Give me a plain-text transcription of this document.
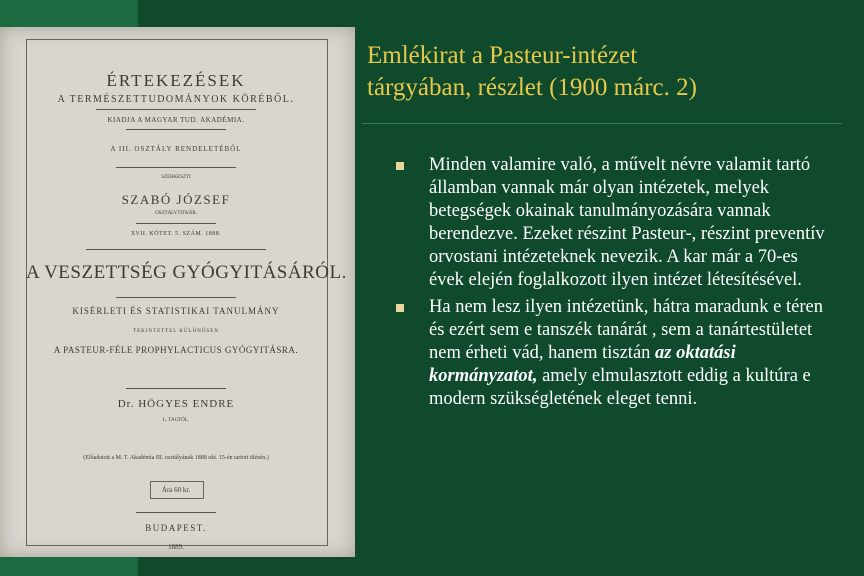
ÉRTEKEZÉSEK
A TERMÉSZETTUDOMÁNYOK KÖRÉBŐL.
KIADJA A MAGYAR TUD. AKADÉMIA.
A III. OSZTÁLY RENDELETÉBŐL
SZERKESZTI
SZABÓ JÓZSEF
OSZTÁLYTITKÁR.
XVII. KÖTET. 5. SZÁM. 1888.
A VESZETTSÉG GYÓGYITÁSÁRÓL.
KISÉRLETI ÉS STATISTIKAI TANULMÁNY
TEKINTETTEL KÜLÖNÖSEN
A PASTEUR-FÉLE PROPHYLACTICUS GYÓGYITÁSRA.
Dr. HÖGYES ENDRE
L. TAGTÓL.
(Előadatott a M. T. Akadémia III. osztályának 1888 okt. 15-én tartott ülésén.)
Ára 60 kr.
BUDAPEST.
1889.
Emlékirat a Pasteur-intézet
tárgyában, részlet (1900 márc. 2)
Minden valamire való, a művelt névre valamit tartó államban vannak már olyan intézetek, melyek betegségek okainak tanulmányozására vannak berendezve. Ezeket részint Pasteur-, részint preventív orvostani intézeteknek nevezik. A kar már a 70-es évek elején foglalkozott ilyen intézet létesítésével.
Ha nem lesz ilyen intézetünk, hátra maradunk e téren és ezért sem e tanszék tanárát , sem a tanártestületet nem érheti vád, hanem tisztán az oktatási kormányzatot, amely elmulasztott eddig a kultúra e modern szükségletének eleget tenni.
